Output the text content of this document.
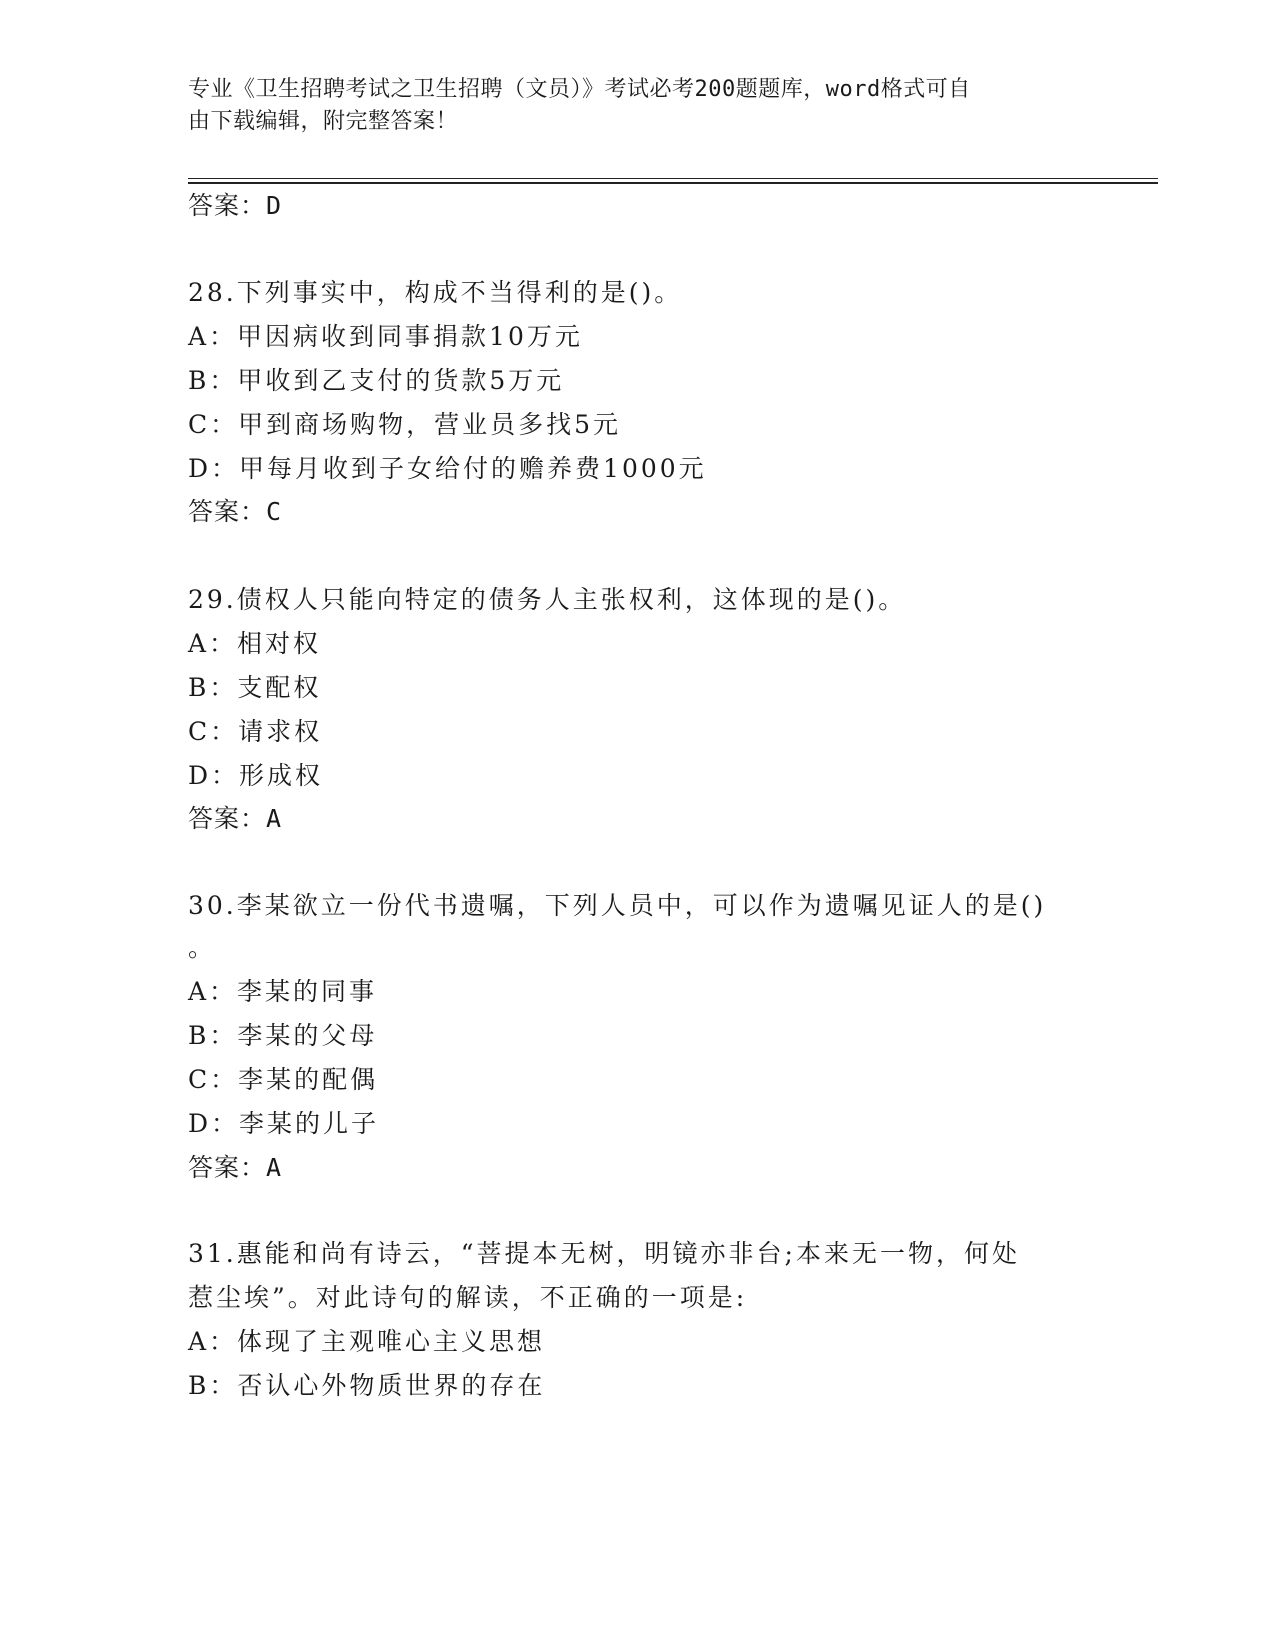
专业《卫生招聘考试之卫生招聘（文员）》考试必考200题题库，word格式可自
由下载编辑，附完整答案！
答案：D
28.下列事实中，构成不当得利的是()。
A：甲因病收到同事捐款10万元
B：甲收到乙支付的货款5万元
C：甲到商场购物，营业员多找5元
D：甲每月收到子女给付的赡养费1000元
答案：C
29.债权人只能向特定的债务人主张权利，这体现的是()。
A：相对权
B：支配权
C：请求权
D：形成权
答案：A
30.李某欲立一份代书遗嘱，下列人员中，可以作为遗嘱见证人的是()
。
A：李某的同事
B：李某的父母
C：李某的配偶
D：李某的儿子
答案：A
31.惠能和尚有诗云，“菩提本无树，明镜亦非台;本来无一物，何处
惹尘埃”。对此诗句的解读，不正确的一项是:
A：体现了主观唯心主义思想
B：否认心外物质世界的存在
